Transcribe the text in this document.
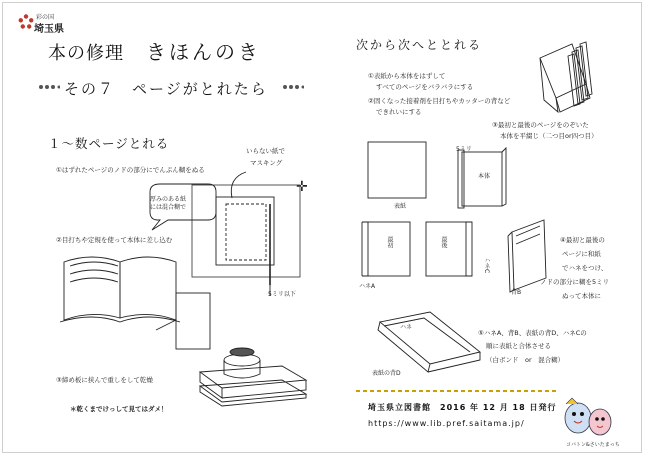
彩の国
埼玉県
本の修理 きほんのき
その７　ページがとれたら
１～数ページとれる
①はずれたページのノドの部分にでんぷん糊をぬる
いらない紙で
マスキング
厚みのある紙
には混合糊で
②目打ちや定規を使って本体に差し込む
5ミリ以下
③締め板に挟んで重しをして乾燥
＊乾くまでけっして見てはダメ！
次から次へととれる
①表紙から本体をはずして
すべてのページをバラバラにする
②固くなった接着剤を目打ちやカッターの背など
できれいにする
③最初と最後のページをのぞいた
本体を平綴じ（二つ目or四つ目）
表紙
本体
5ミリ
最初	最後
ハネA
ハネC
背B
④最初と最後の
ページに和紙
でハネをつけ、
ノドの部分に糊を5ミリ
ぬって本体に
ハネ
表紙の背D
⑤ハネA、背B、表紙の背D、ハネCの
順に表紙と合体させる
（白ボンド　or　混合糊）
埼玉県立図書館　2016 年 12 月 18 日発行
https://www.lib.pref.saitama.jp/
コバトン&さいたまっち
✛
